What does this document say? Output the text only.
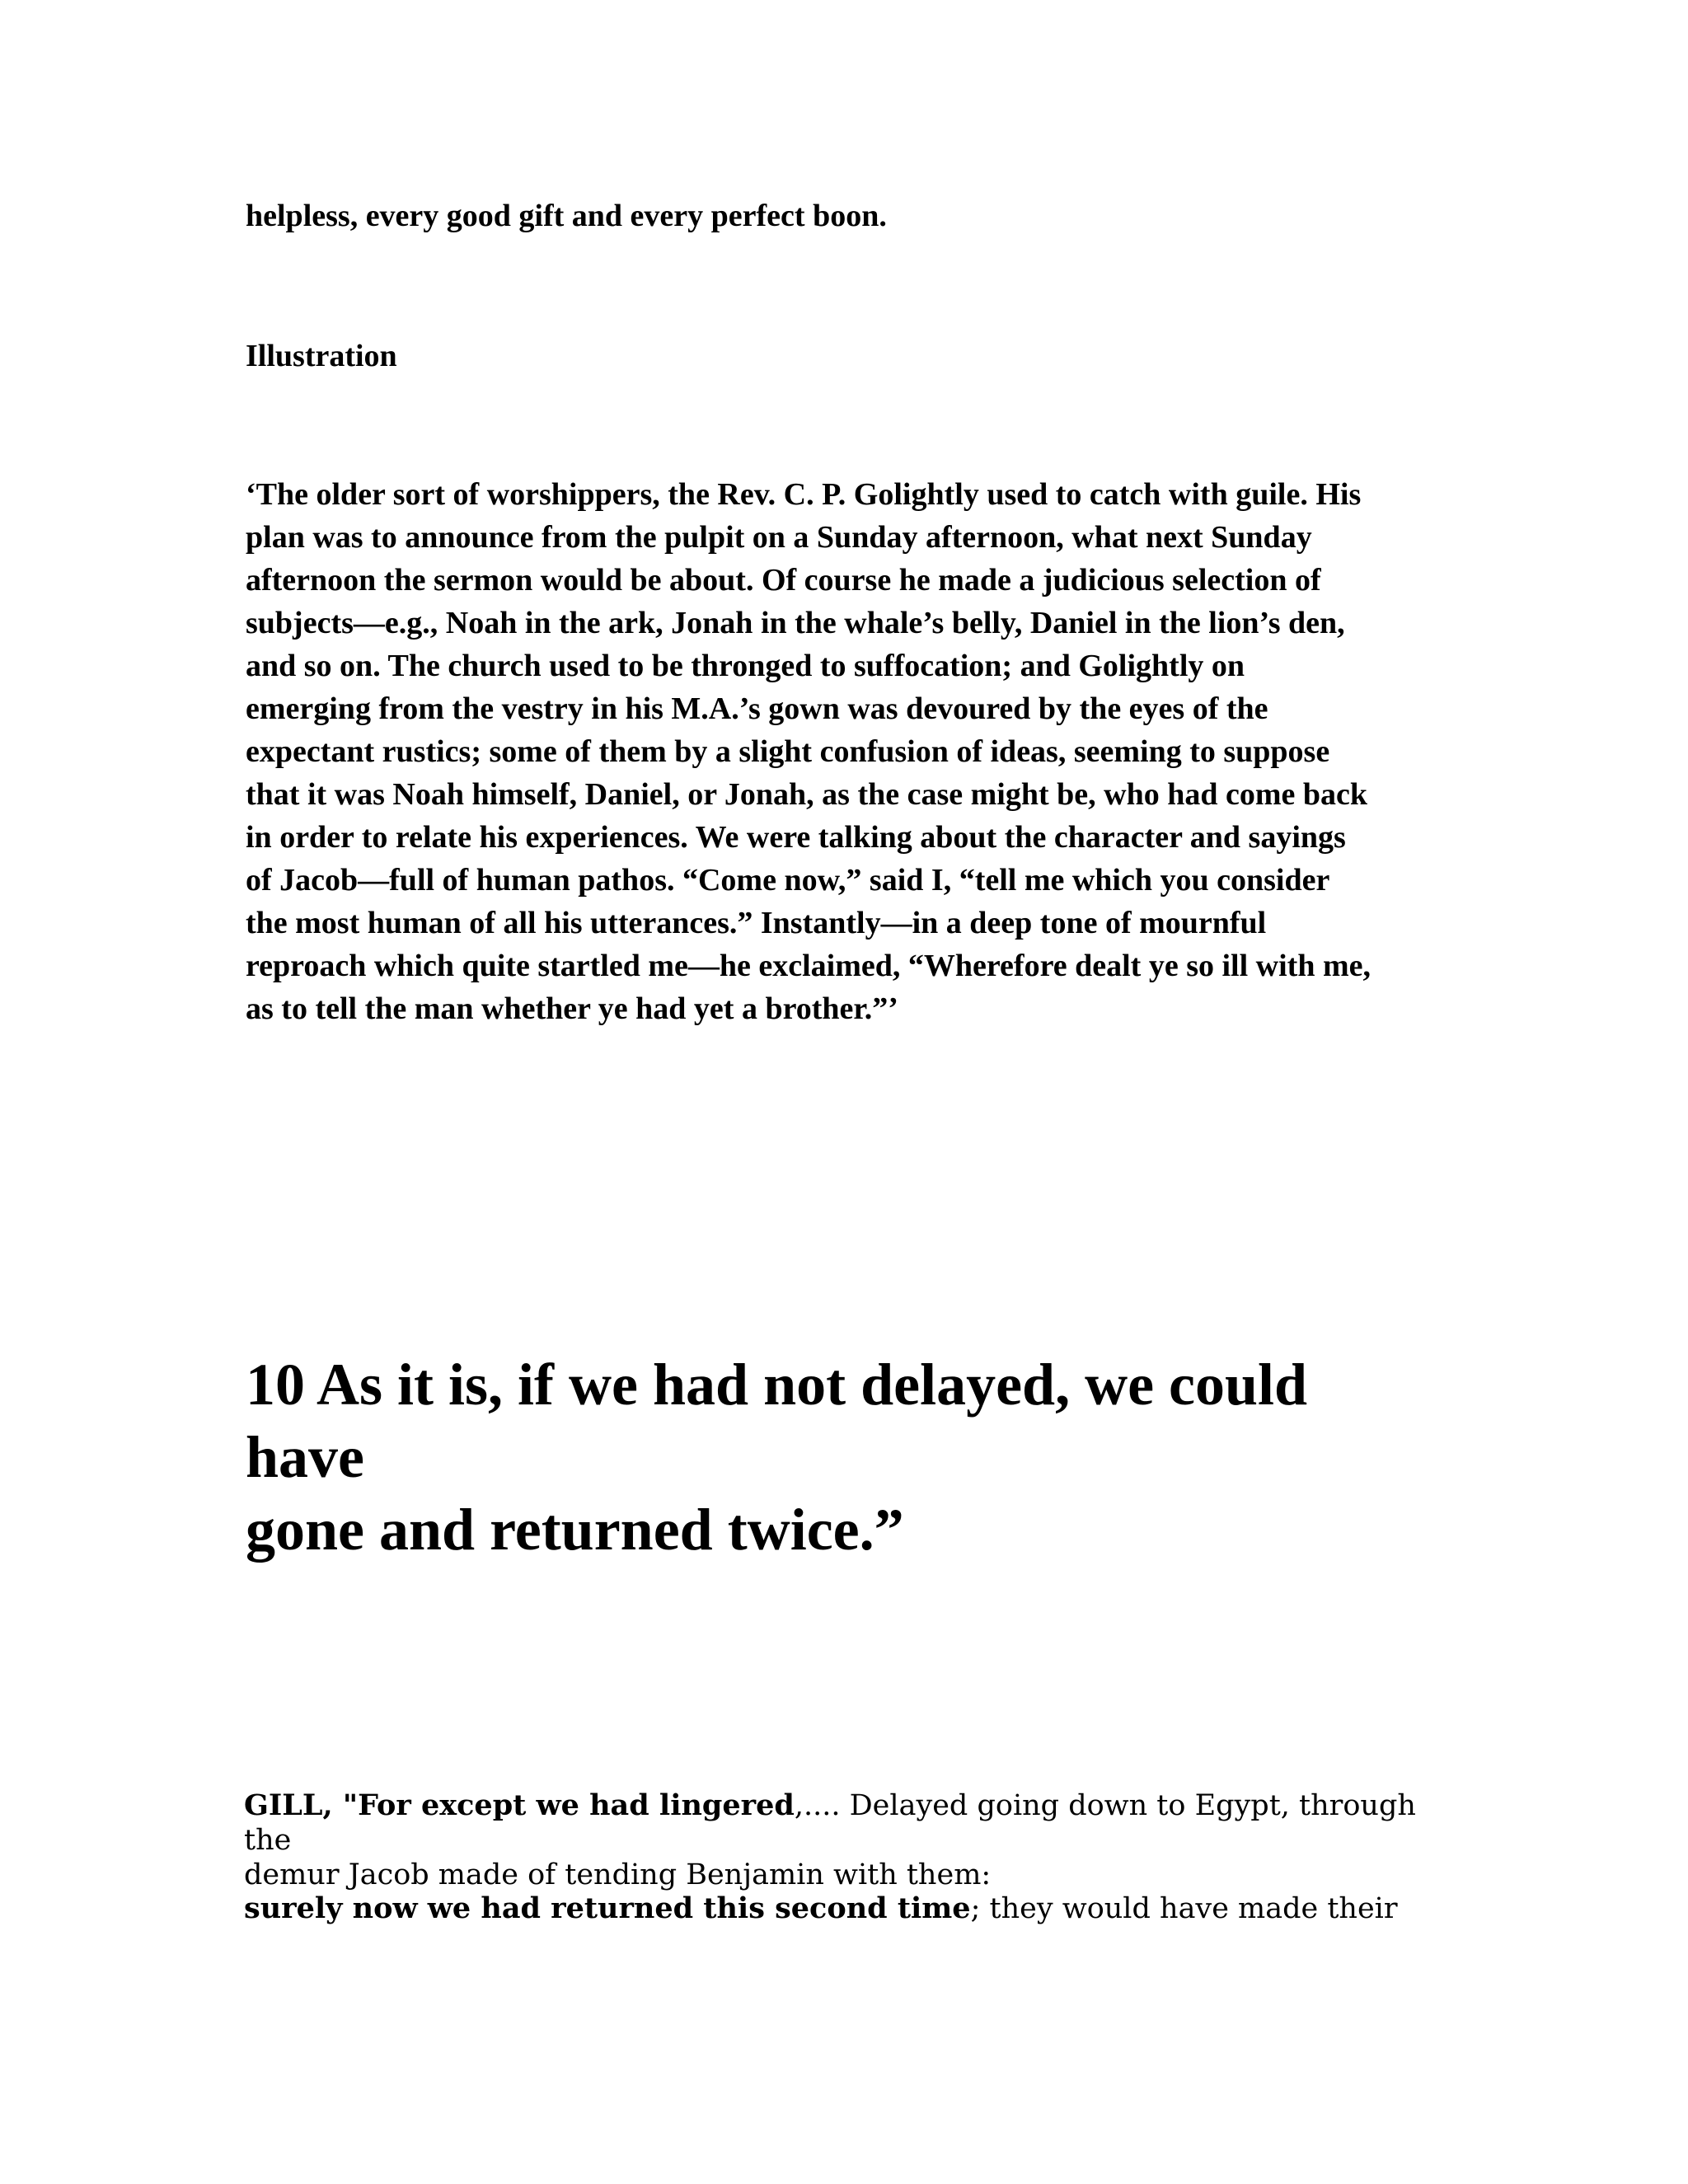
helpless, every good gift and every perfect boon.

Illustration

‘The older sort of worshippers, the Rev. C. P. Golightly used to catch with guile. His
plan was to announce from the pulpit on a Sunday afternoon, what next Sunday
afternoon the sermon would be about. Of course he made a judicious selection of
subjects—e.g., Noah in the ark, Jonah in the whale’s belly, Daniel in the lion’s den,
and so on. The church used to be thronged to suffocation; and Golightly on
emerging from the vestry in his M.A.’s gown was devoured by the eyes of the
expectant rustics; some of them by a slight confusion of ideas, seeming to suppose
that it was Noah himself, Daniel, or Jonah, as the case might be, who had come back
in order to relate his experiences. We were talking about the character and sayings
of Jacob—full of human pathos. “Come now,” said I, “tell me which you consider
the most human of all his utterances.” Instantly—in a deep tone of mournful
reproach which quite startled me—he exclaimed, “Wherefore dealt ye so ill with me,
as to tell the man whether ye had yet a brother.”’

10 As it is, if we had not delayed, we could have
gone and returned twice.”

GILL, "For except we had lingered,.... Delayed going down to Egypt, through the
demur Jacob made of tending Benjamin with them:

surely now we had returned this second time; they would have made their
